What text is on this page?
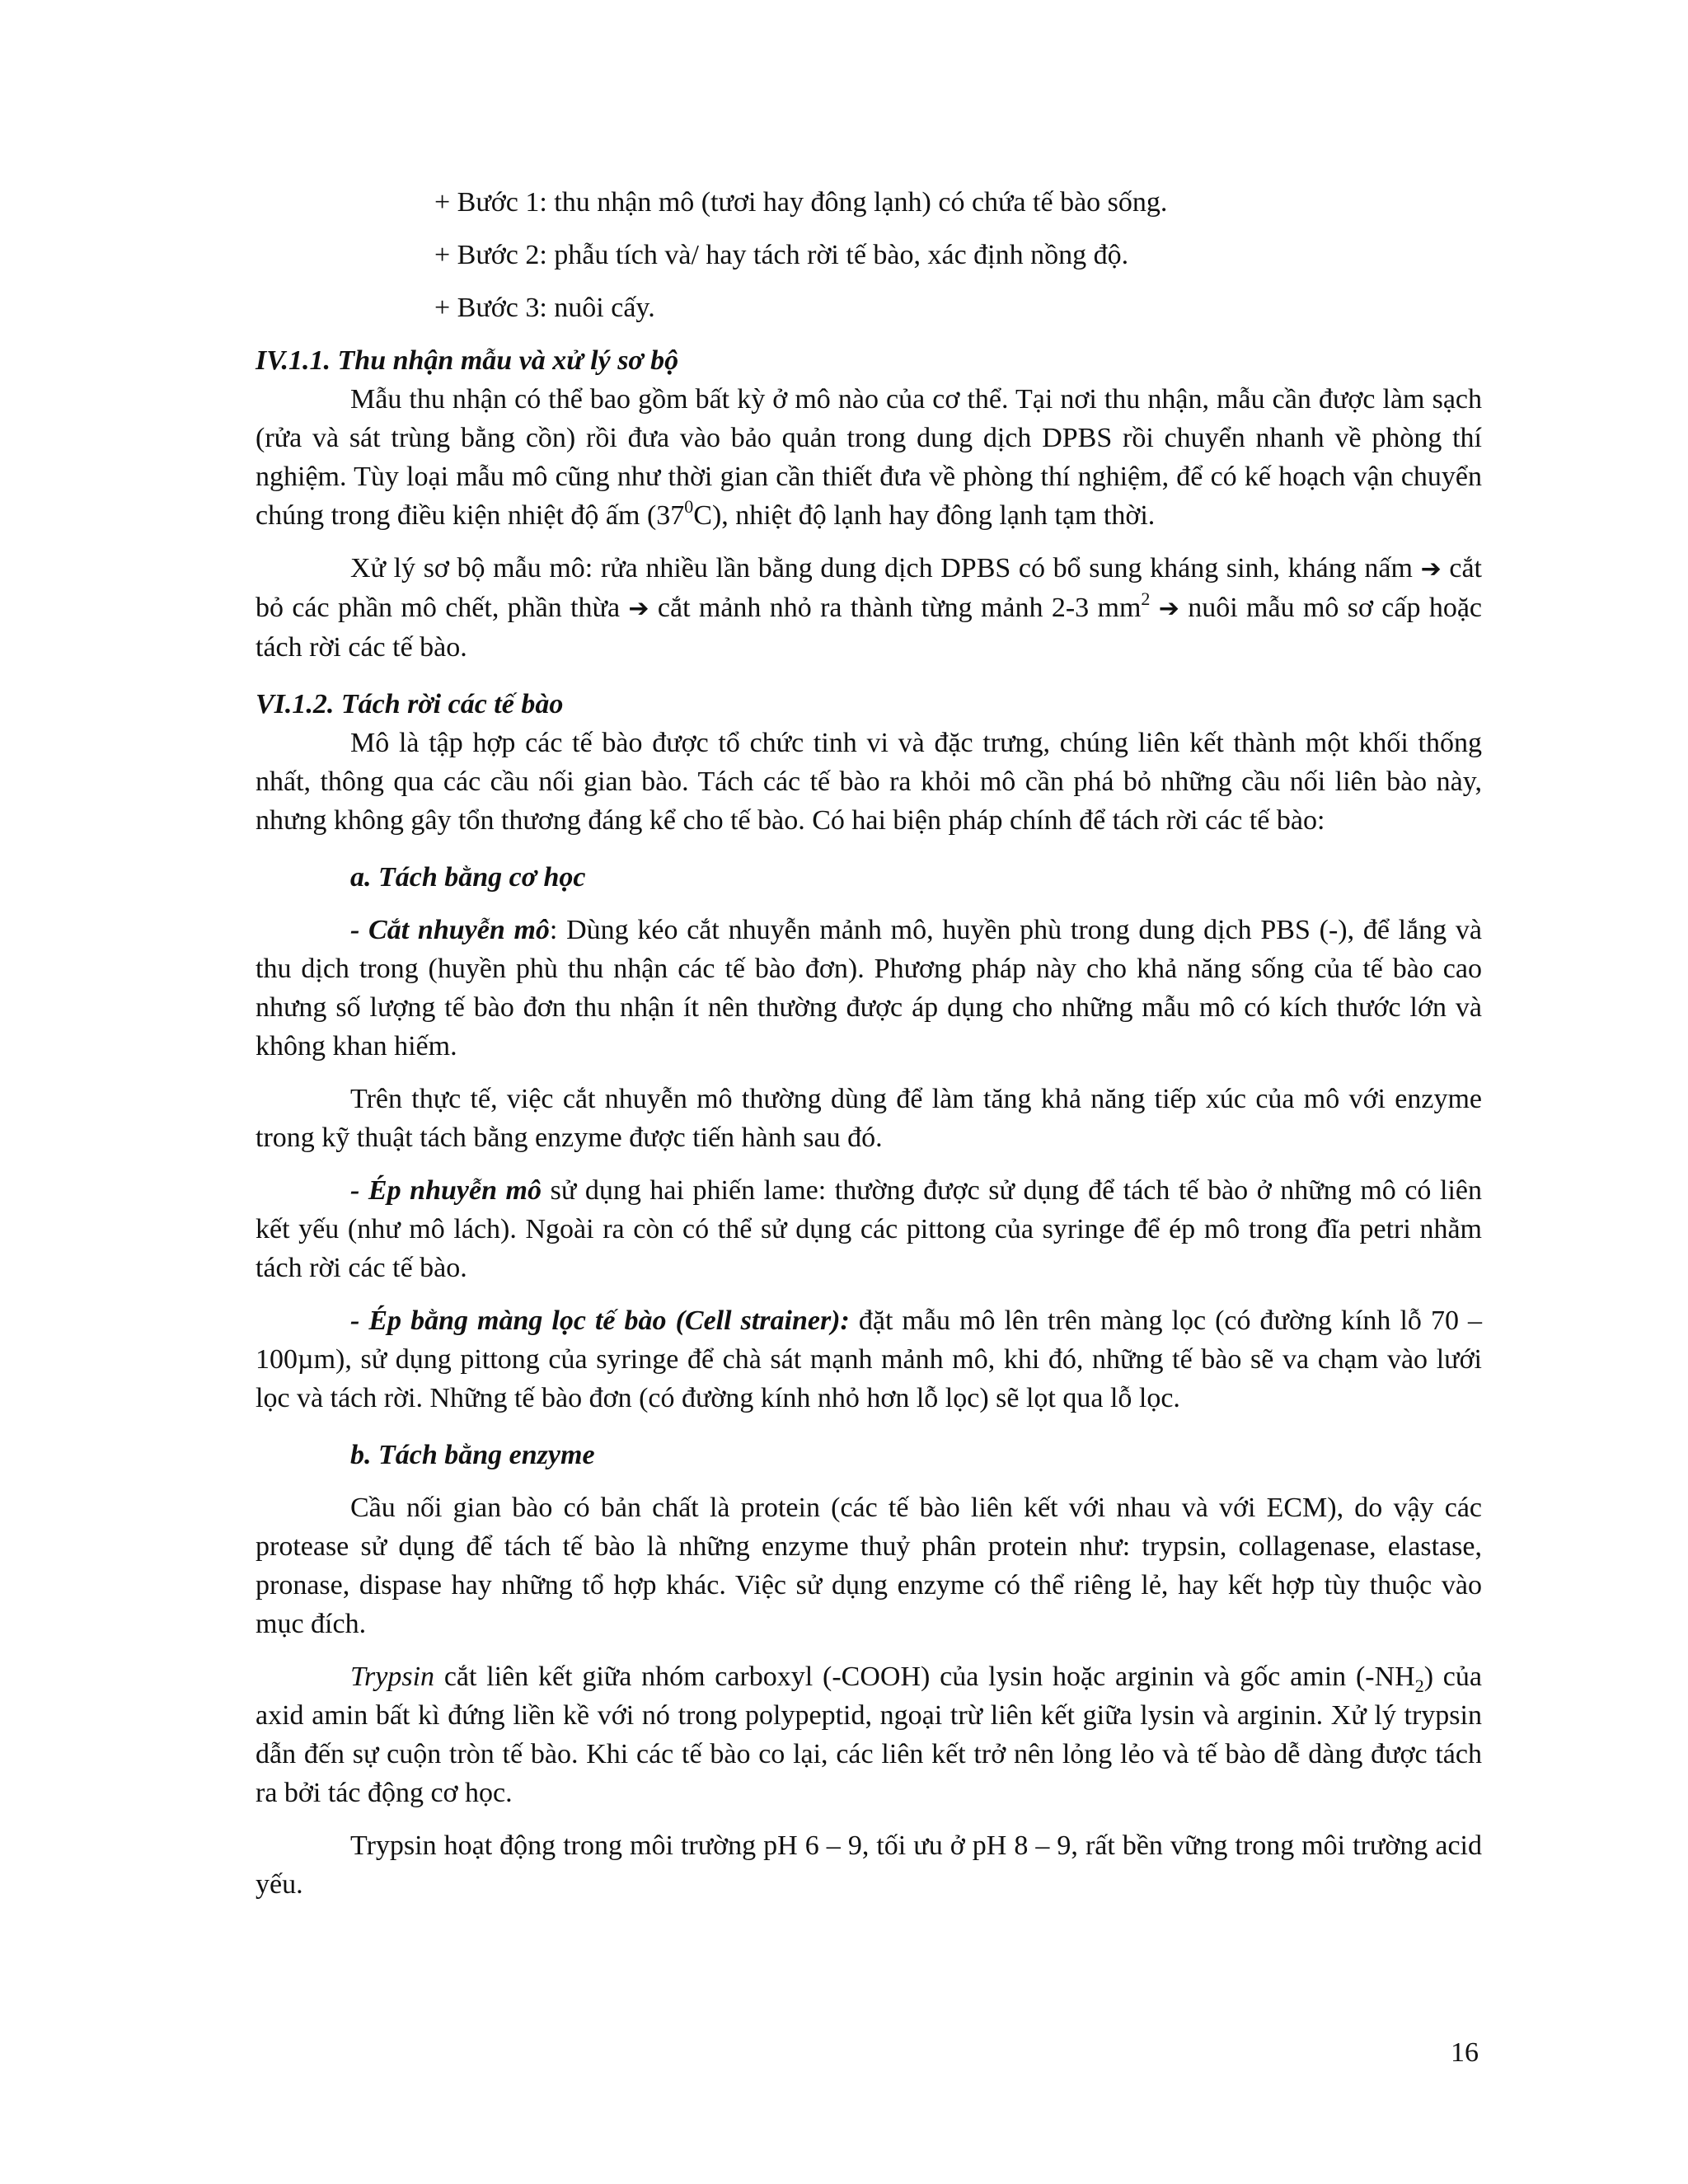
+ Bước 1: thu nhận mô (tươi hay đông lạnh) có chứa tế bào sống.

+ Bước 2: phẫu tích và/ hay tách rời tế bào, xác định nồng độ.

+ Bước 3: nuôi cấy.

IV.1.1. Thu nhận mẫu và xử lý sơ bộ

Mẫu thu nhận có thể bao gồm bất kỳ ở mô nào của cơ thể. Tại nơi thu nhận, mẫu cần được làm sạch (rửa và sát trùng bằng cồn) rồi đưa vào bảo quản trong dung dịch DPBS rồi chuyển nhanh về phòng thí nghiệm. Tùy loại mẫu mô cũng như thời gian cần thiết đưa về phòng thí nghiệm, để có kế hoạch vận chuyển chúng trong điều kiện nhiệt độ ấm $(37^0C)$, nhiệt độ lạnh hay đông lạnh tạm thời.

Xử lý sơ bộ mẫu mô: rửa nhiều lần bằng dung dịch DPBS có bổ sung kháng sinh, kháng nấm ➔ cắt bỏ các phần mô chết, phần thừa ➔ cắt mảnh nhỏ ra thành từng mảnh 2-3 $mm^2$ ➔ nuôi mẫu mô sơ cấp hoặc tách rời các tế bào.

VI.1.2. Tách rời các tế bào

Mô là tập hợp các tế bào được tổ chức tinh vi và đặc trưng, chúng liên kết thành một khối thống nhất, thông qua các cầu nối gian bào. Tách các tế bào ra khỏi mô cần phá bỏ những cầu nối liên bào này, nhưng không gây tổn thương đáng kể cho tế bào. Có hai biện pháp chính để tách rời các tế bào:

a. Tách bằng cơ học

- Cắt nhuyễn mô: Dùng kéo cắt nhuyễn mảnh mô, huyền phù trong dung dịch PBS (-), để lắng và thu dịch trong (huyền phù thu nhận các tế bào đơn). Phương pháp này cho khả năng sống của tế bào cao nhưng số lượng tế bào đơn thu nhận ít nên thường được áp dụng cho những mẫu mô có kích thước lớn và không khan hiếm.

Trên thực tế, việc cắt nhuyễn mô thường dùng để làm tăng khả năng tiếp xúc của mô với enzyme trong kỹ thuật tách bằng enzyme được tiến hành sau đó.

- Ép nhuyễn mô sử dụng hai phiến lame: thường được sử dụng để tách tế bào ở những mô có liên kết yếu (như mô lách). Ngoài ra còn có thể sử dụng các pittong của syringe để ép mô trong đĩa petri nhằm tách rời các tế bào.

- Ép bằng màng lọc tế bào (Cell strainer): đặt mẫu mô lên trên màng lọc (có đường kính lỗ 70 – 100µm), sử dụng pittong của syringe để chà sát mạnh mảnh mô, khi đó, những tế bào sẽ va chạm vào lưới lọc và tách rời. Những tế bào đơn (có đường kính nhỏ hơn lỗ lọc) sẽ lọt qua lỗ lọc.

b. Tách bằng enzyme

Cầu nối gian bào có bản chất là protein (các tế bào liên kết với nhau và với ECM), do vậy các protease sử dụng để tách tế bào là những enzyme thuỷ phân protein như: trypsin, collagenase, elastase, pronase, dispase hay những tổ hợp khác. Việc sử dụng enzyme có thể riêng lẻ, hay kết hợp tùy thuộc vào mục đích.

Trypsin cắt liên kết giữa nhóm carboxyl (-COOH) của lysin hoặc arginin và gốc amin $(-NH_2)$ của axid amin bất kì đứng liền kề với nó trong polypeptid, ngoại trừ liên kết giữa lysin và arginin. Xử lý trypsin dẫn đến sự cuộn tròn tế bào. Khi các tế bào co lại, các liên kết trở nên lỏng lẻo và tế bào dễ dàng được tách ra bởi tác động cơ học.

Trypsin hoạt động trong môi trường pH 6 – 9, tối ưu ở pH 8 – 9, rất bền vững trong môi trường acid yếu.

16
